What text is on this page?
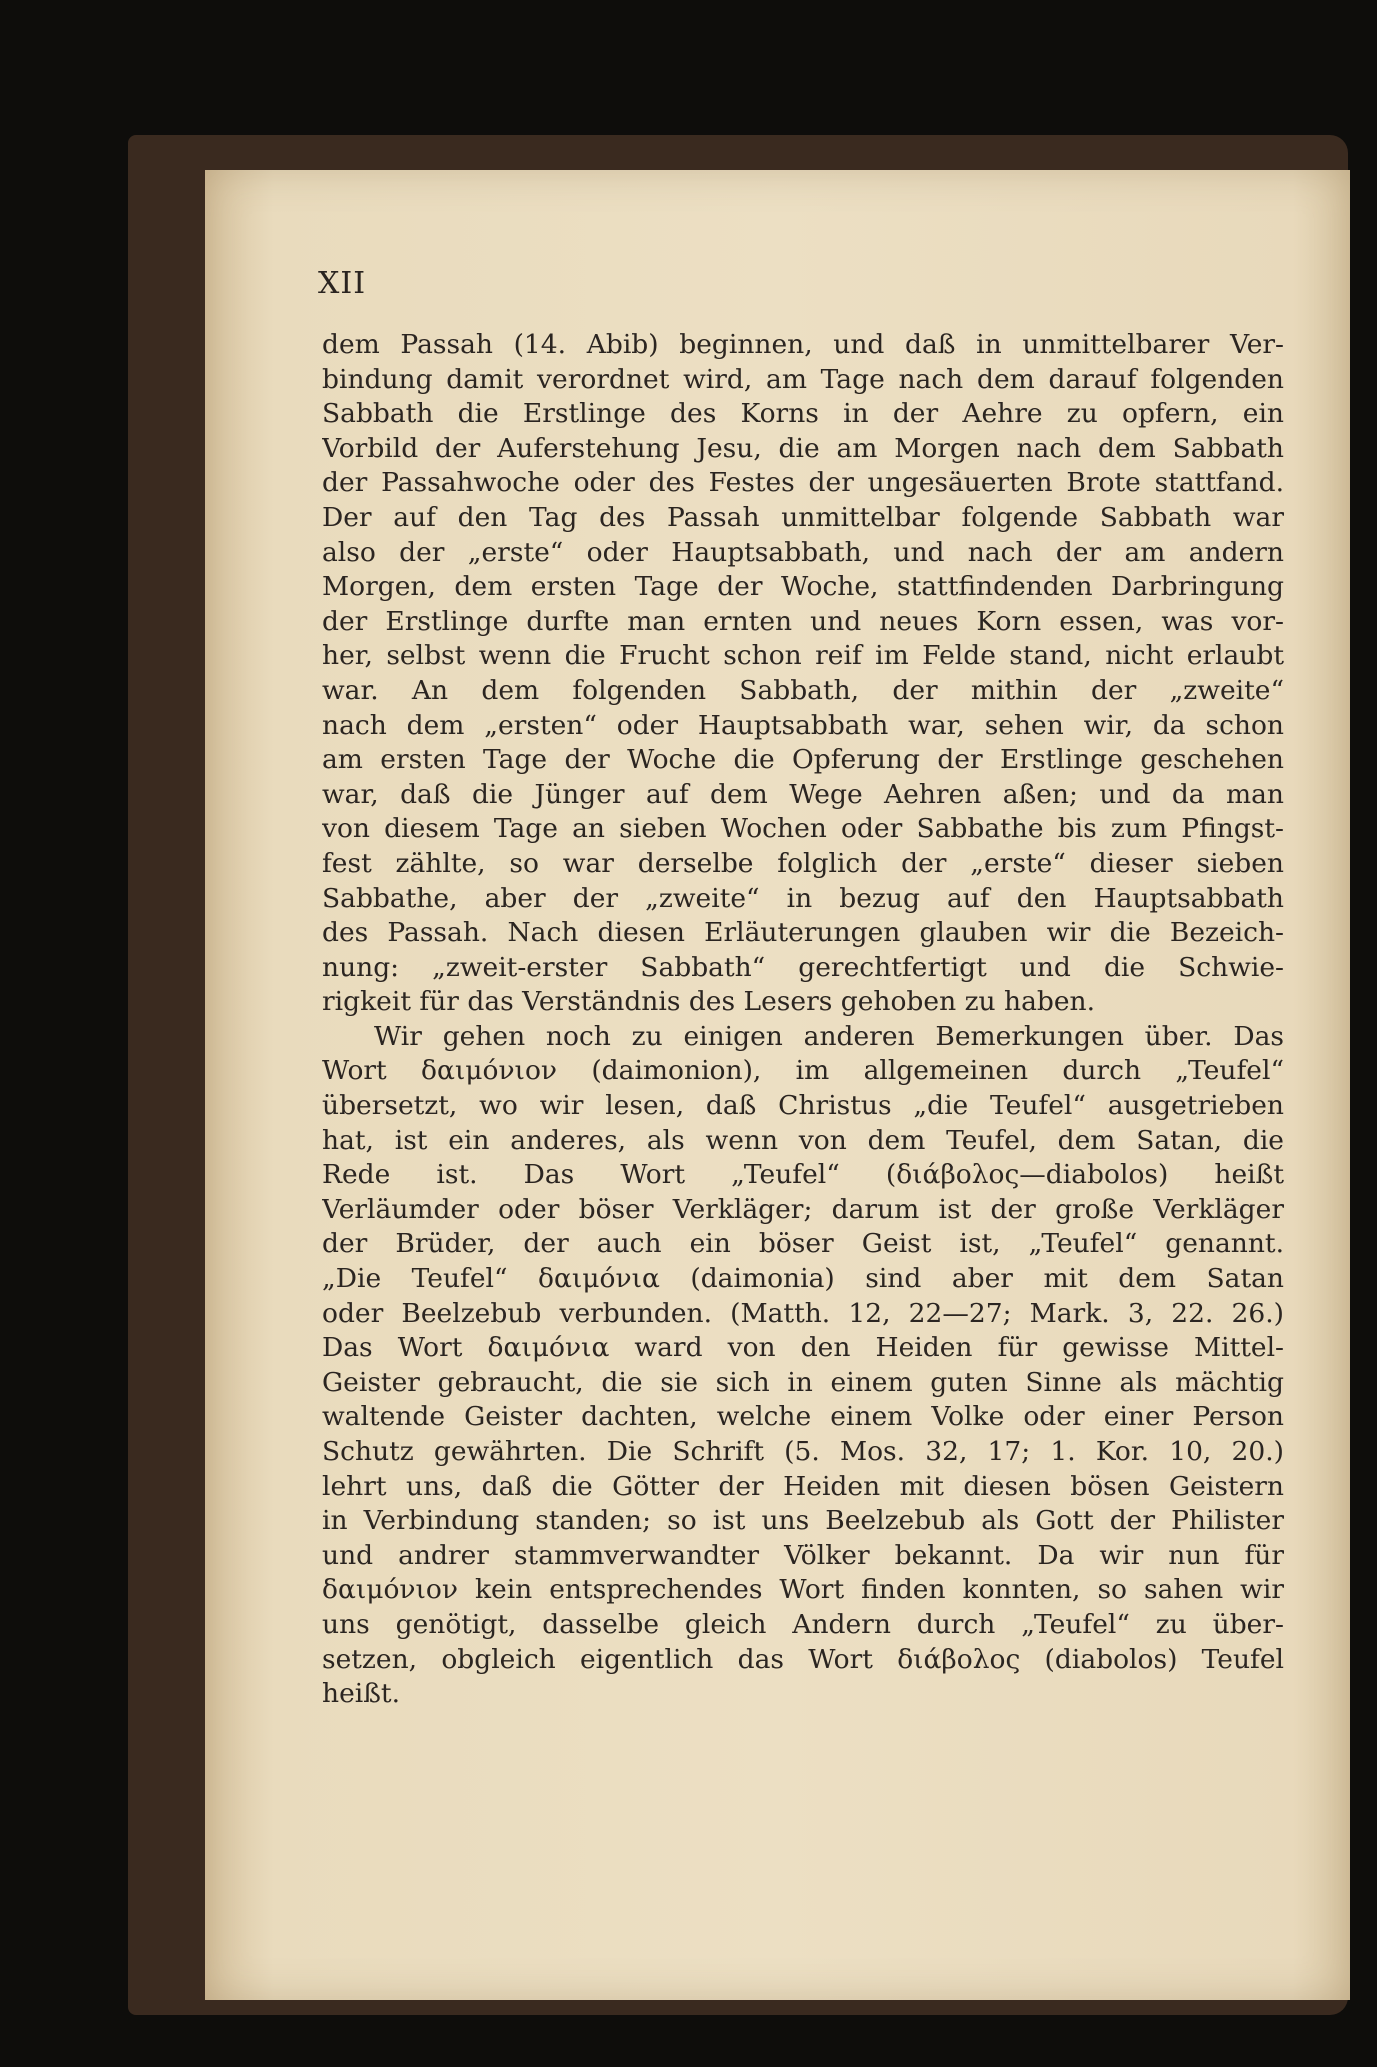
XII
dem Passah (14. Abib) beginnen, und daß in unmittelbarer Ver-
bindung damit verordnet wird, am Tage nach dem darauf folgenden
Sabbath die Erstlinge des Korns in der Aehre zu opfern, ein
Vorbild der Auferstehung Jesu, die am Morgen nach dem Sabbath
der Passahwoche oder des Festes der ungesäuerten Brote stattfand.
Der auf den Tag des Passah unmittelbar folgende Sabbath war
also der „erste“ oder Hauptsabbath, und nach der am andern
Morgen, dem ersten Tage der Woche, stattfindenden Darbringung
der Erstlinge durfte man ernten und neues Korn essen, was vor-
her, selbst wenn die Frucht schon reif im Felde stand, nicht erlaubt
war. An dem folgenden Sabbath, der mithin der „zweite“
nach dem „ersten“ oder Hauptsabbath war, sehen wir, da schon
am ersten Tage der Woche die Opferung der Erstlinge geschehen
war, daß die Jünger auf dem Wege Aehren aßen; und da man
von diesem Tage an sieben Wochen oder Sabbathe bis zum Pfingst-
fest zählte, so war derselbe folglich der „erste“ dieser sieben
Sabbathe, aber der „zweite“ in bezug auf den Hauptsabbath
des Passah. Nach diesen Erläuterungen glauben wir die Bezeich-
nung: „zweit-erster Sabbath“ gerechtfertigt und die Schwie-
rigkeit für das Verständnis des Lesers gehoben zu haben.
Wir gehen noch zu einigen anderen Bemerkungen über. Das
Wort δαιμόνιον (daimonion), im allgemeinen durch „Teufel“
übersetzt, wo wir lesen, daß Christus „die Teufel“ ausgetrieben
hat, ist ein anderes, als wenn von dem Teufel, dem Satan, die
Rede ist. Das Wort „Teufel“ (διάβολος—diabolos) heißt
Verläumder oder böser Verkläger; darum ist der große Verkläger
der Brüder, der auch ein böser Geist ist, „Teufel“ genannt.
„Die Teufel“ δαιμόνια (daimonia) sind aber mit dem Satan
oder Beelzebub verbunden. (Matth. 12, 22—27; Mark. 3, 22. 26.)
Das Wort δαιμόνια ward von den Heiden für gewisse Mittel-
Geister gebraucht, die sie sich in einem guten Sinne als mächtig
waltende Geister dachten, welche einem Volke oder einer Person
Schutz gewährten. Die Schrift (5. Mos. 32, 17; 1. Kor. 10, 20.)
lehrt uns, daß die Götter der Heiden mit diesen bösen Geistern
in Verbindung standen; so ist uns Beelzebub als Gott der Philister
und andrer stammverwandter Völker bekannt. Da wir nun für
δαιμόνιον kein entsprechendes Wort finden konnten, so sahen wir
uns genötigt, dasselbe gleich Andern durch „Teufel“ zu über-
setzen, obgleich eigentlich das Wort διάβολος (diabolos) Teufel
heißt.
